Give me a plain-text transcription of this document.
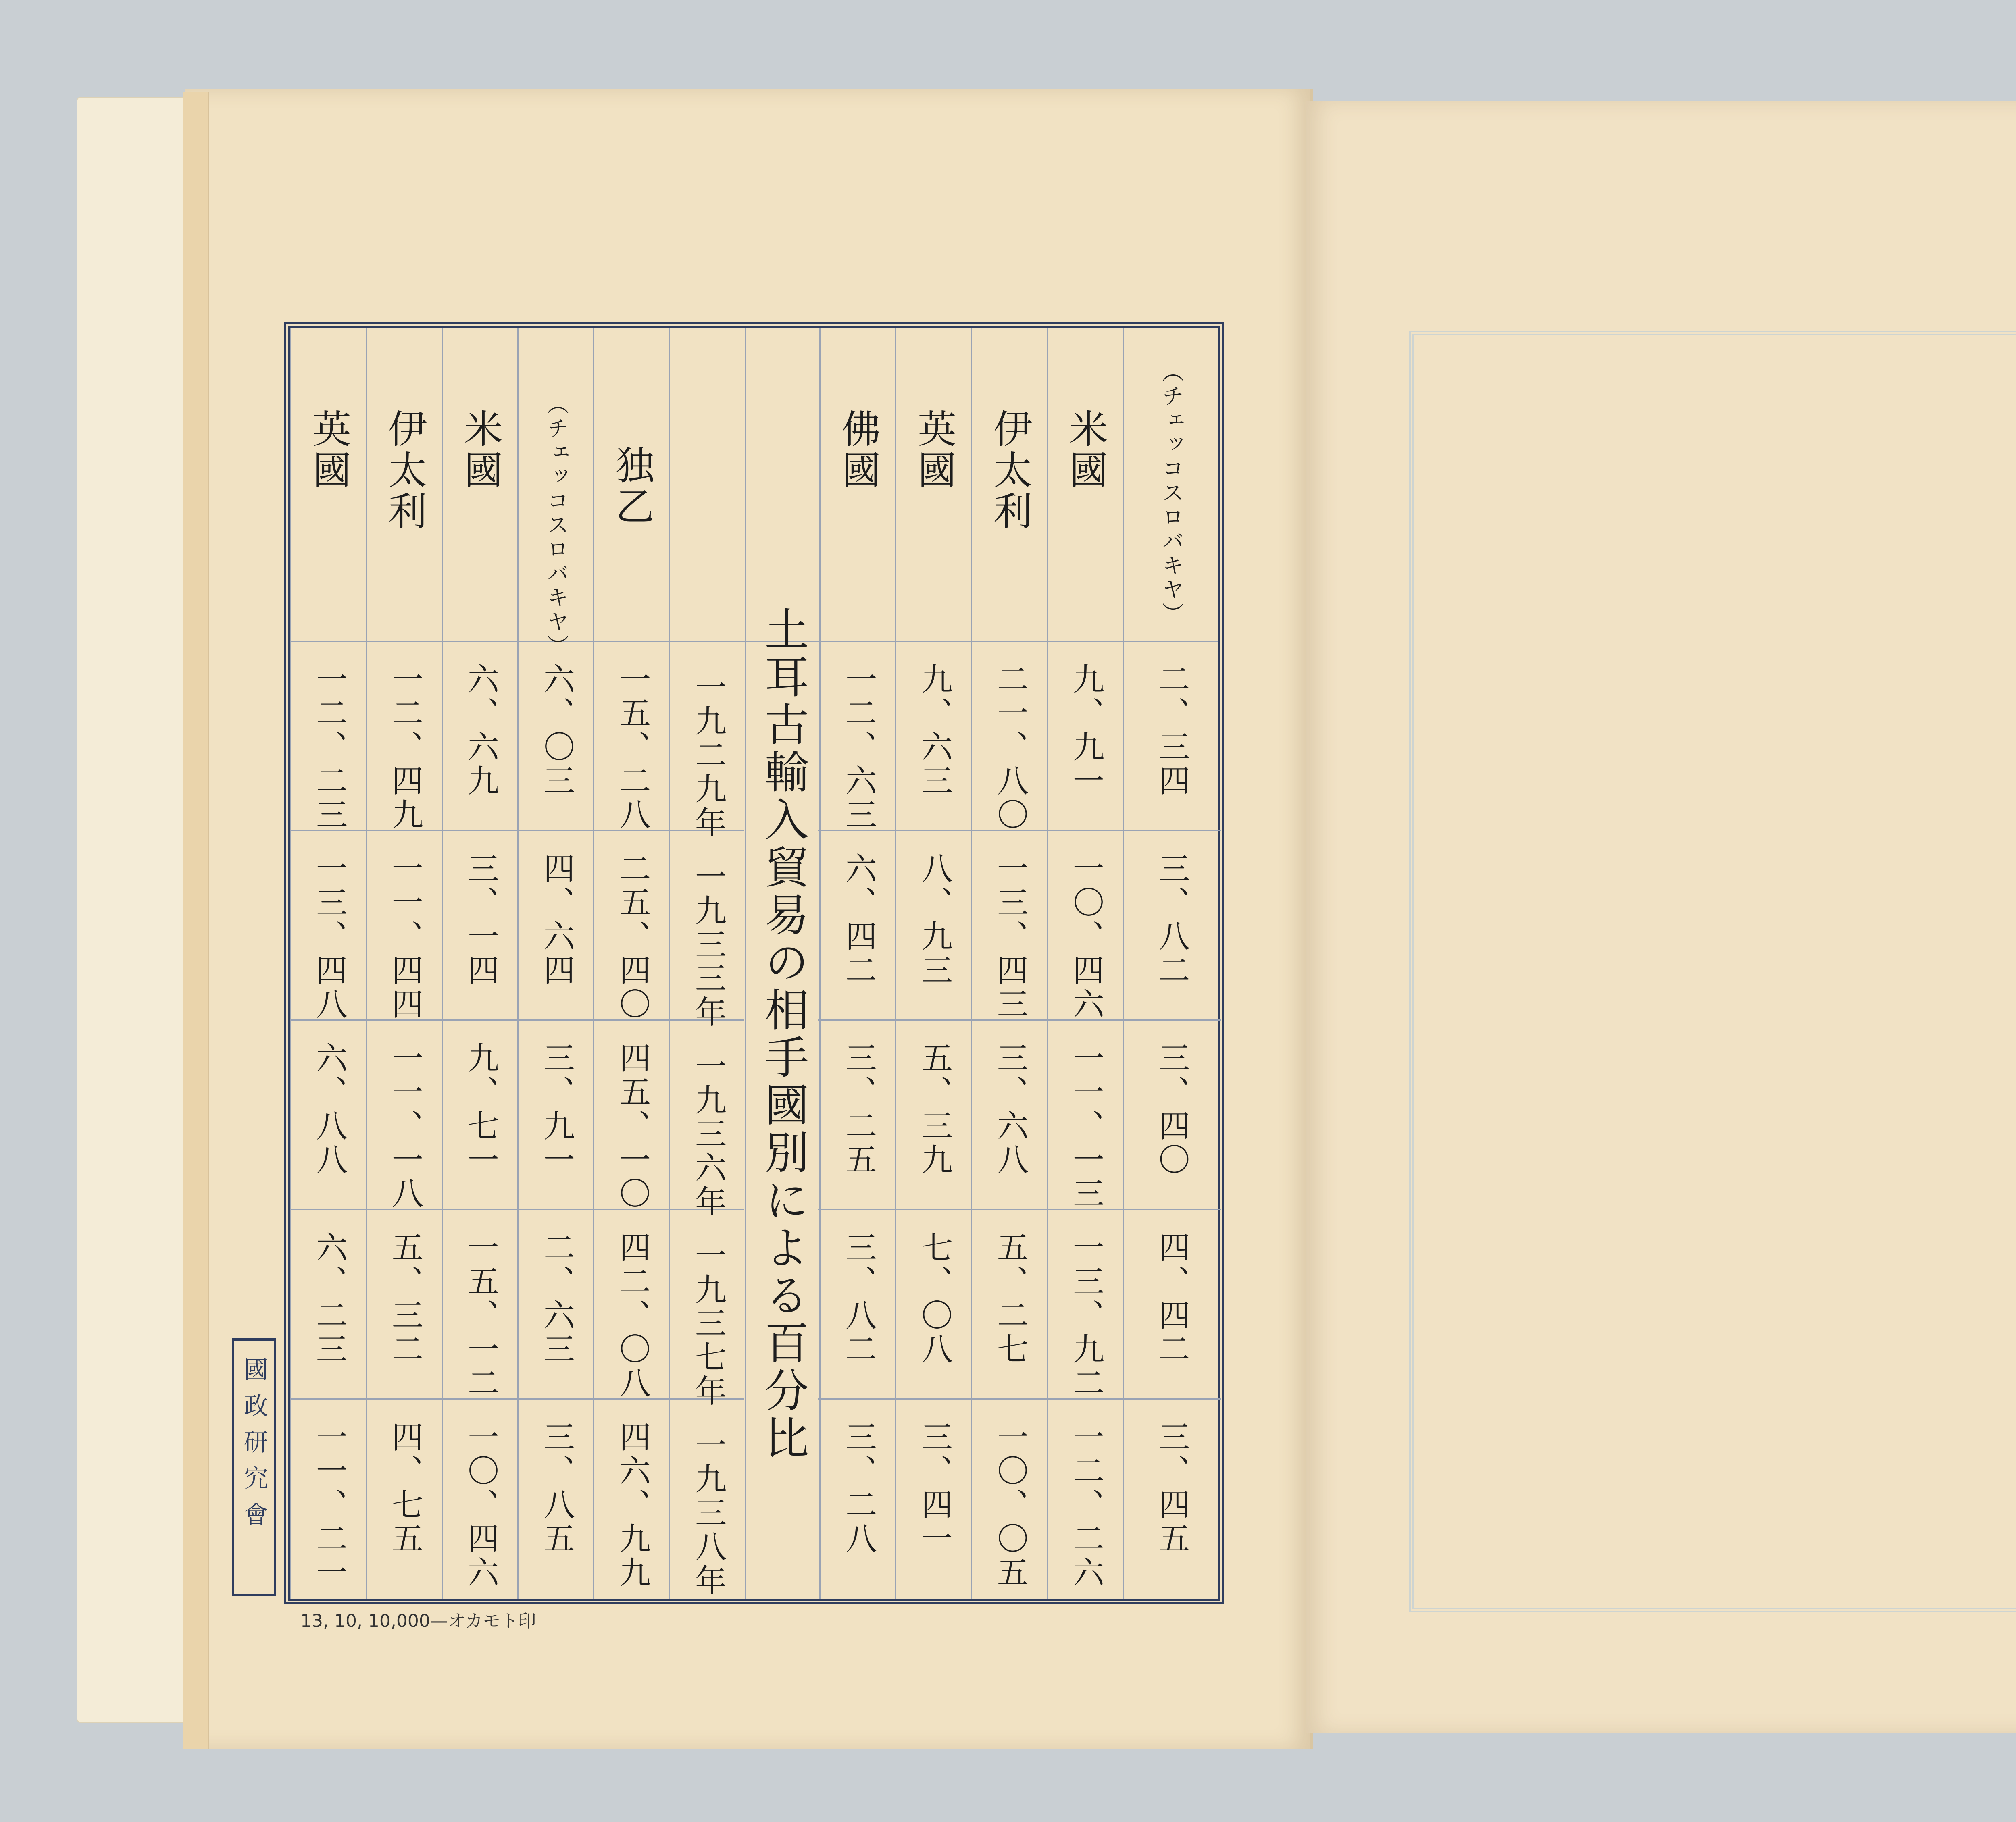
英國
一二、二三
一三、四八
六、八八
六、二三
一一、二一
伊太利
一二、四九
一一、四四
一一、一八
五、三二
四、七五
米國
六、六九
三、一四
九、七一
一五、一二
一〇、四六
（チェッコスロバキヤ）
六、〇三
四、六四
三、九一
二、六三
三、八五
独乙
一五、二八
二五、四〇
四五、一〇
四二、〇八
四六、九九
一九二九年
一九三三年
一九三六年
一九三七年
一九三八年
土耳古輸入貿易の相手國別による百分比
佛國
一二、六三
六、四二
三、二五
三、八二
三、二八
英國
九、六三
八、九三
五、三九
七、〇八
三、四一
伊太利
二一、八〇
一三、四三
三、六八
五、二七
一〇、〇五
米國
九、九一
一〇、四六
一一、一三
一三、九二
一二、二六
（チェッコスロバキヤ）
二、三四
三、八二
三、四〇
四、四二
三、四五
國政研究會
13, 10, 10,000—オカモト印
